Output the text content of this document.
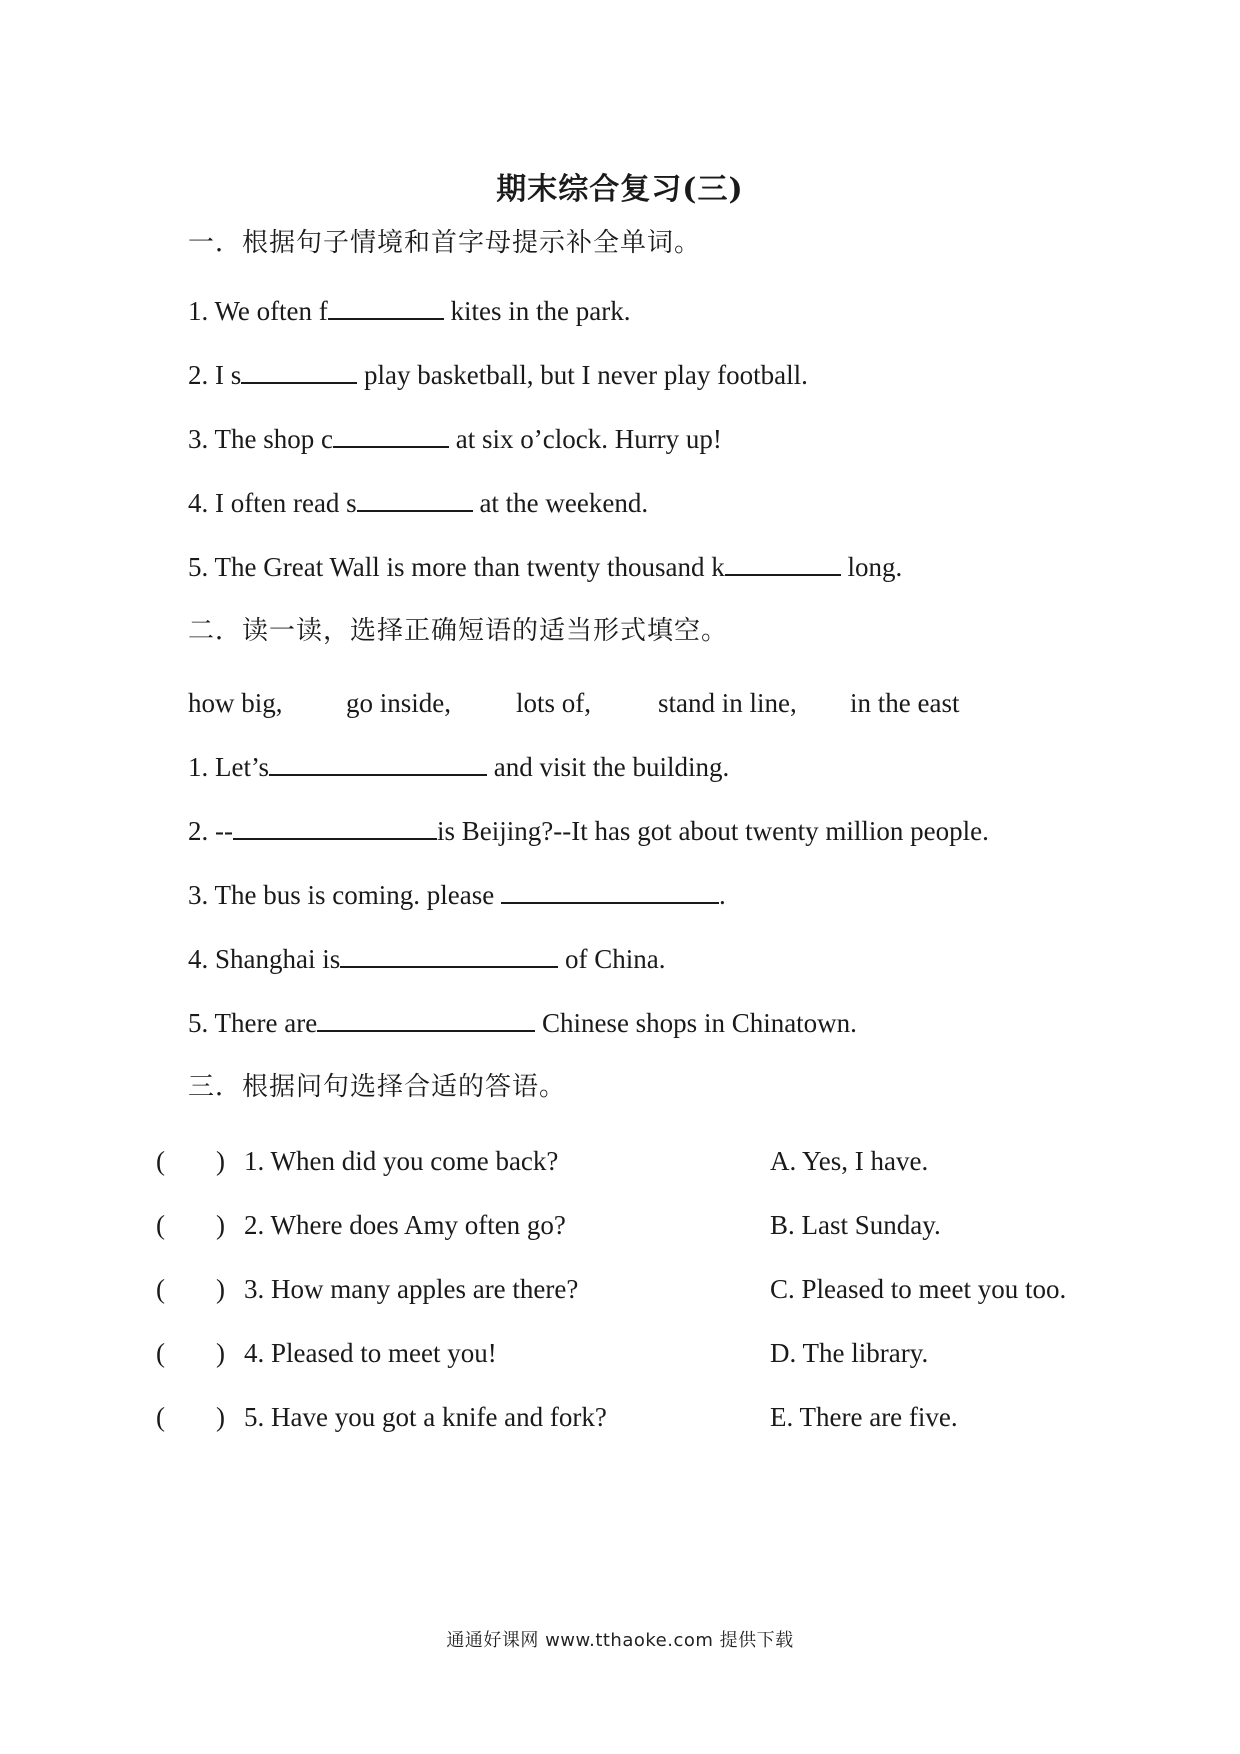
期末综合复习(三)
一．根据句子情境和首字母提示补全单词。
1. We often f	kites in the park.
2. I s	play basketball, but I never play football.
3. The shop c	at six o’clock. Hurry up!
4. I often read s	at the weekend.
5. The Great Wall is more than twenty thousand k	long.
二．读一读，选择正确短语的适当形式填空。
how big, go inside, lots of, stand in line, in the east
1. Let’s	and visit the building.
2. --	is Beijing?--It has got about twenty million people.
3. The bus is coming. please	.
4. Shanghai is	of China.
5. There are	Chinese shops in Chinatown.
三．根据问句选择合适的答语。
( ) 1. When did you come back?	A. Yes, I have.
( ) 2. Where does Amy often go?	B. Last Sunday.
( ) 3. How many apples are there?	C. Pleased to meet you too.
( ) 4. Pleased to meet you!	D. The library.
( ) 5. Have you got a knife and fork?	E. There are five.
通通好课网 www.tthaoke.com 提供下载
